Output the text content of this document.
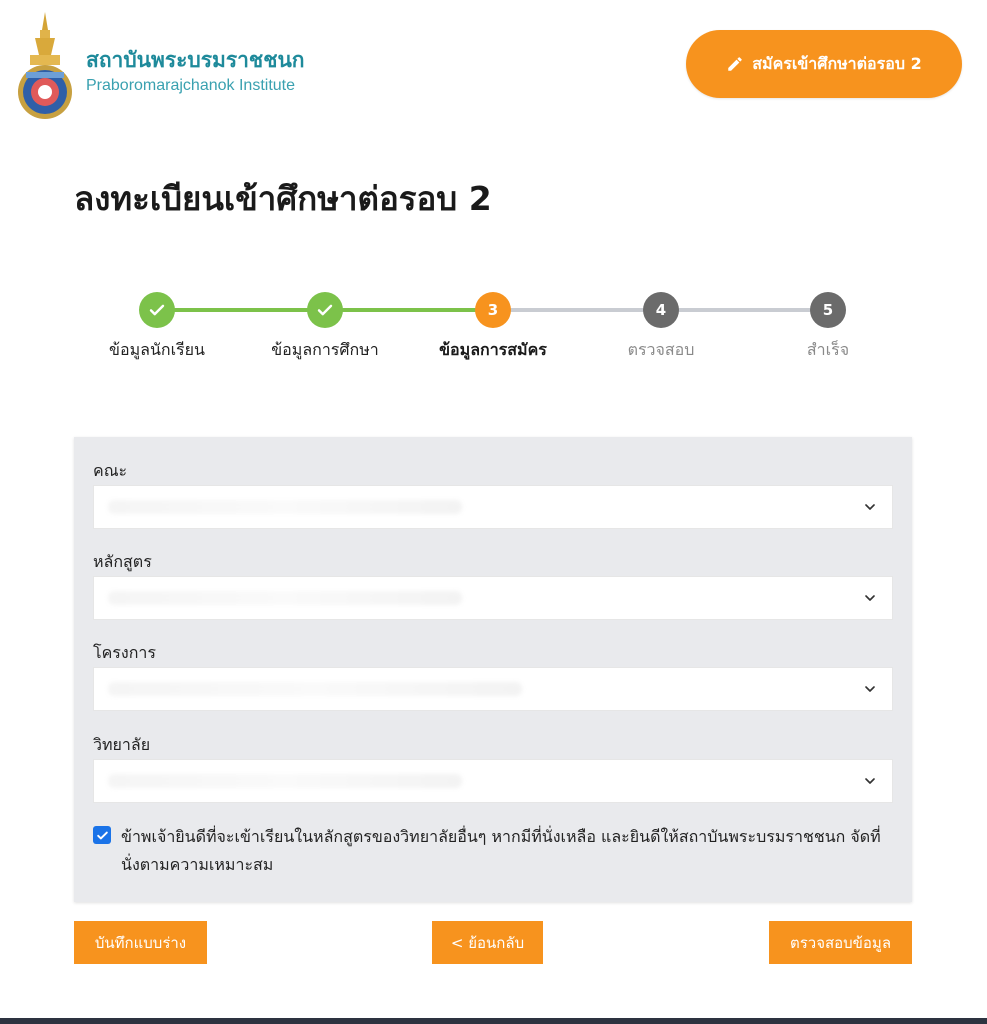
สถาบันพระบรมราชชนก
Praboromarajchanok Institute
สมัครเข้าศึกษาต่อรอบ 2
ลงทะเบียนเข้าศึกษาต่อรอบ 2
3	4	5
ข้อมูลนักเรียน	ข้อมูลการศึกษา	ข้อมูลการสมัคร	ตรวจสอบ	สำเร็จ
คณะ
หลักสูตร
โครงการ
วิทยาลัย
ข้าพเจ้ายินดีที่จะเข้าเรียนในหลักสูตรของวิทยาลัยอื่นๆ หากมีที่นั่งเหลือ และยินดีให้สถาบันพระบรมราชชนก จัดที่นั่งตามความเหมาะสม
บันทึกแบบร่าง	< ย้อนกลับ	ตรวจสอบข้อมูล
